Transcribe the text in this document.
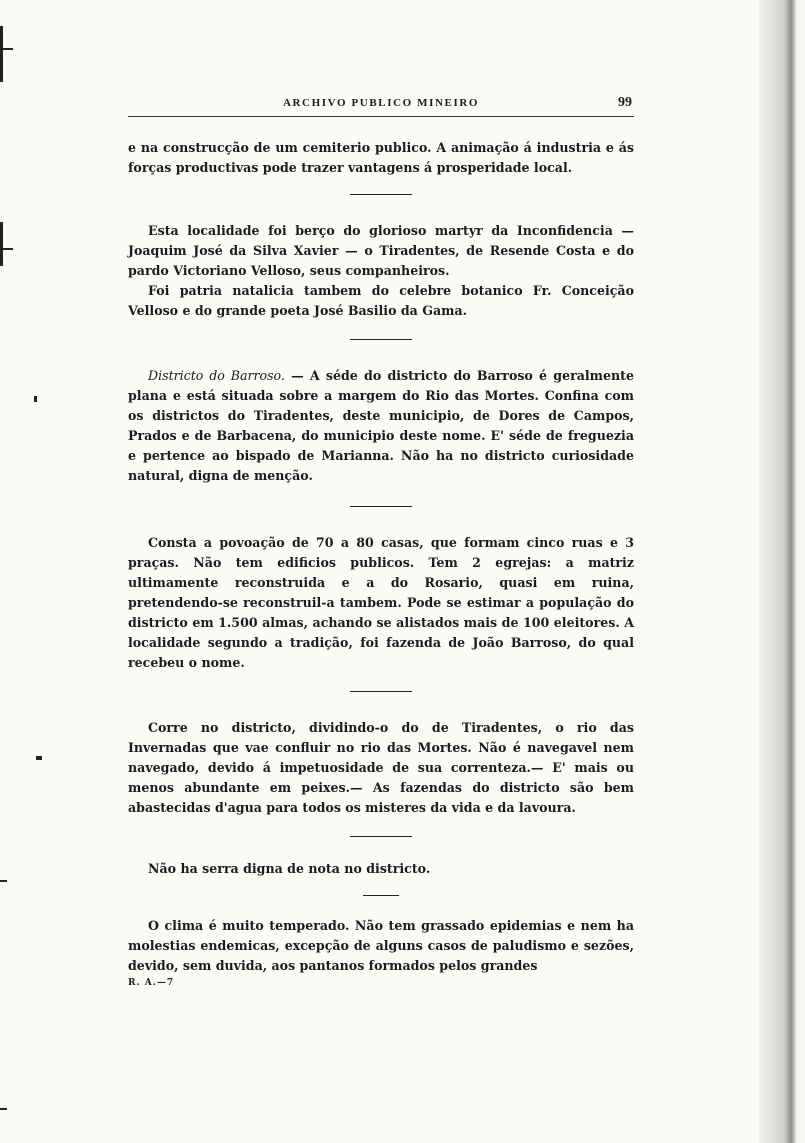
ARCHIVO PUBLICO MINEIRO	99

e na construcção de um cemiterio publico. A animação á industria e ás forças productivas pode trazer vantagens á prosperidade local.

Esta localidade foi berço do glorioso martyr da Inconfidencia — Joaquim José da Silva Xavier — o Tiradentes, de Resende Costa e do pardo Victoriano Velloso, seus companheiros.

Foi patria natalicia tambem do celebre botanico Fr. Conceição Velloso e do grande poeta José Basilio da Gama.

Districto do Barroso. — A séde do districto do Barroso é geralmente plana e está situada sobre a margem do Rio das Mortes. Confina com os districtos do Tiradentes, deste municipio, de Dores de Campos, Prados e de Barbacena, do municipio deste nome. E' séde de freguezia e pertence ao bispado de Marianna. Não ha no districto curiosidade natural, digna de menção.

Consta a povoação de 70 a 80 casas, que formam cinco ruas e 3 praças. Não tem edificios publicos. Tem 2 egrejas: a matriz ultimamente reconstruida e a do Rosario, quasi em ruina, pretendendo-se reconstruil-a tambem. Pode se estimar a população do districto em 1.500 almas, achando se alistados mais de 100 eleitores. A localidade segundo a tradição, foi fazenda de João Barroso, do qual recebeu o nome.

Corre no districto, dividindo-o do de Tiradentes, o rio das Invernadas que vae confluir no rio das Mortes. Não é navegavel nem navegado, devido á impetuosidade de sua correnteza.— E' mais ou menos abundante em peixes.— As fazendas do districto são bem abastecidas d'agua para todos os misteres da vida e da lavoura.

Não ha serra digna de nota no districto.

O clima é muito temperado. Não tem grassado epidemias e nem ha molestias endemicas, excepção de alguns casos de paludismo e sezões, devido, sem duvida, aos pantanos formados pelos grandes

R. A.—7
